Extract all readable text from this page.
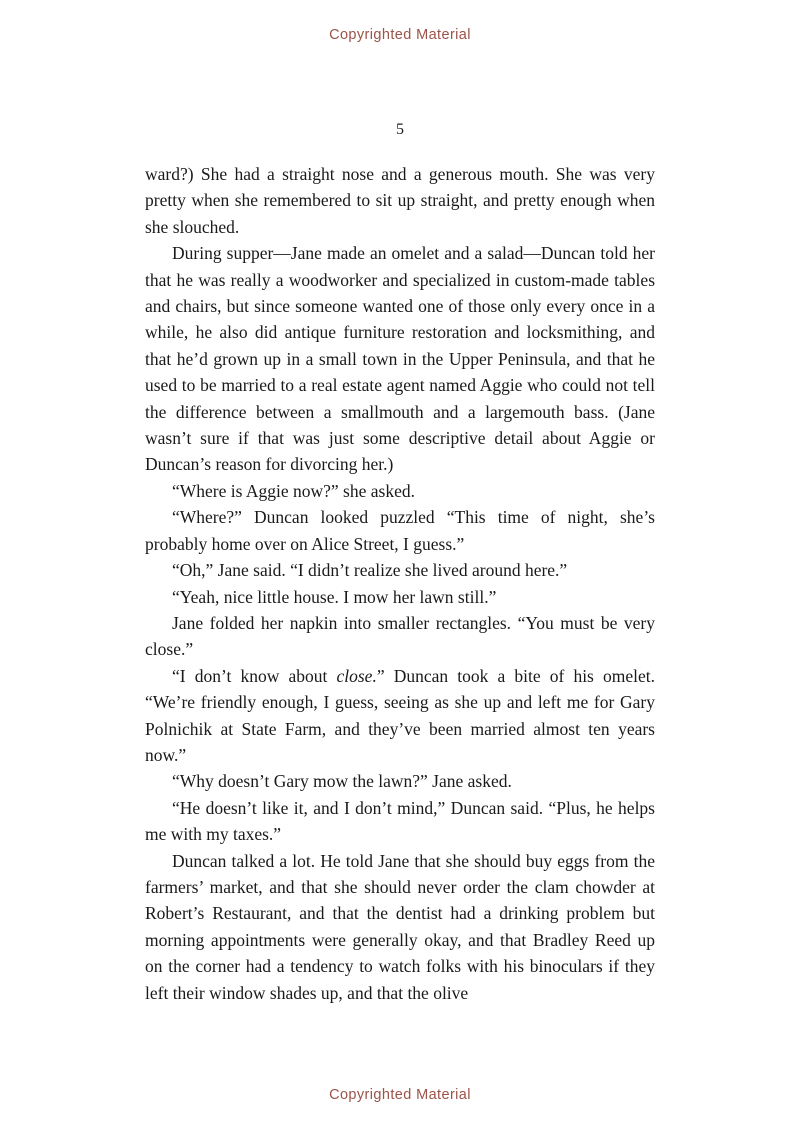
Copyrighted Material
5

ward?) She had a straight nose and a generous mouth. She was very pretty when she remembered to sit up straight, and pretty enough when she slouched.

During supper—Jane made an omelet and a salad—Duncan told her that he was really a woodworker and specialized in custom-made tables and chairs, but since someone wanted one of those only every once in a while, he also did antique furniture restoration and locksmithing, and that he’d grown up in a small town in the Upper Peninsula, and that he used to be married to a real estate agent named Aggie who could not tell the difference between a smallmouth and a largemouth bass. (Jane wasn’t sure if that was just some descriptive detail about Aggie or Duncan’s reason for divorcing her.)

“Where is Aggie now?” she asked.

“Where?” Duncan looked puzzled “This time of night, she’s probably home over on Alice Street, I guess.”

“Oh,” Jane said. “I didn’t realize she lived around here.”

“Yeah, nice little house. I mow her lawn still.”

Jane folded her napkin into smaller rectangles. “You must be very close.”

“I don’t know about close.” Duncan took a bite of his omelet. “We’re friendly enough, I guess, seeing as she up and left me for Gary Polnichik at State Farm, and they’ve been married almost ten years now.”

“Why doesn’t Gary mow the lawn?” Jane asked.

“He doesn’t like it, and I don’t mind,” Duncan said. “Plus, he helps me with my taxes.”

Duncan talked a lot. He told Jane that she should buy eggs from the farmers’ market, and that she should never order the clam chowder at Robert’s Restaurant, and that the dentist had a drinking problem but morning appointments were generally okay, and that Bradley Reed up on the corner had a tendency to watch folks with his binoculars if they left their window shades up, and that the olive

Copyrighted Material
